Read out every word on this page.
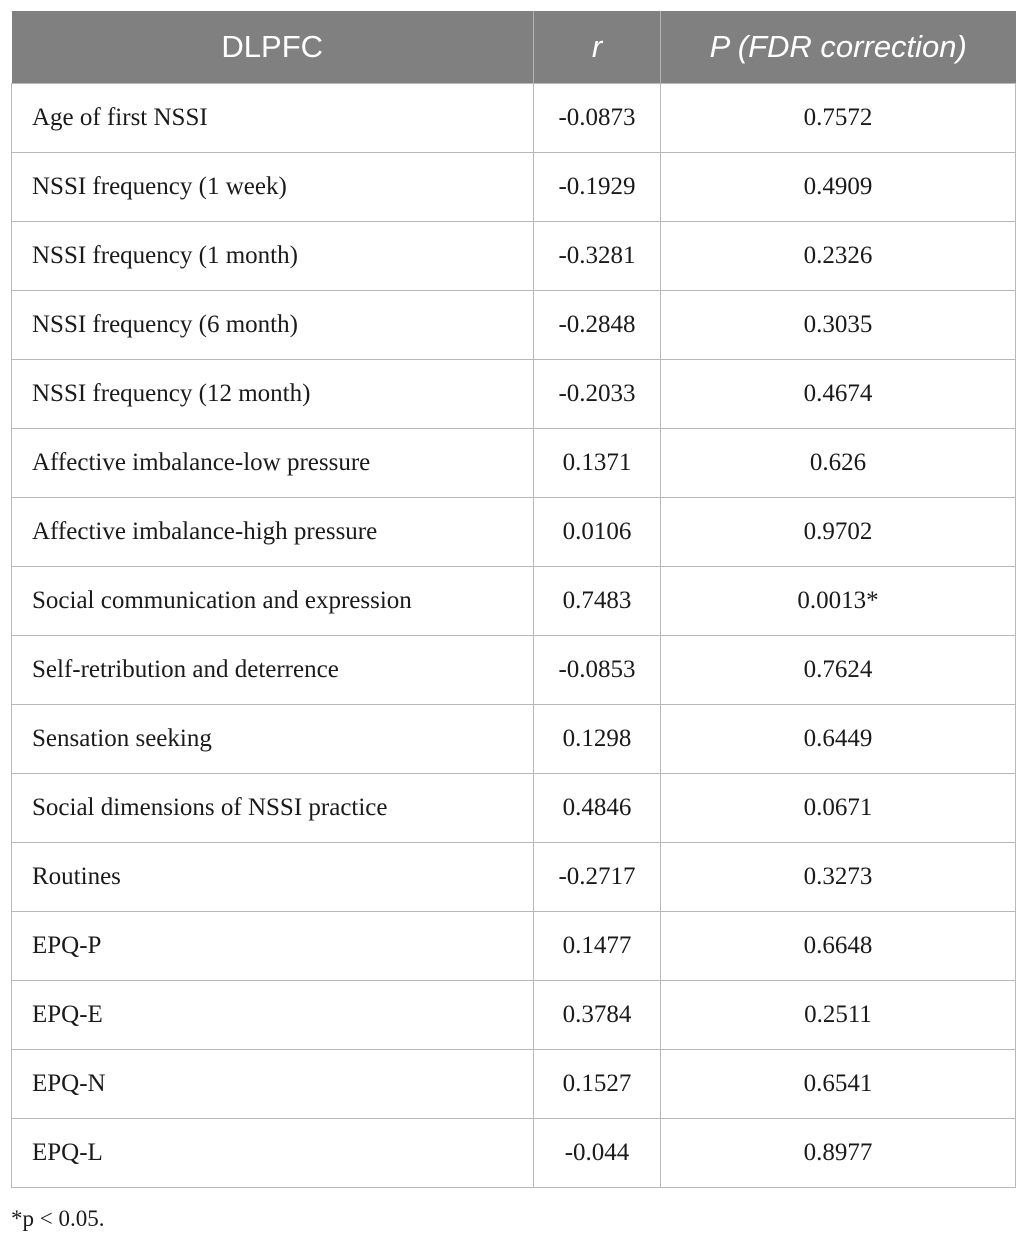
DLPFC	r	P (FDR correction)
Age of first NSSI	-0.0873	0.7572
NSSI frequency (1 week)	-0.1929	0.4909
NSSI frequency (1 month)	-0.3281	0.2326
NSSI frequency (6 month)	-0.2848	0.3035
NSSI frequency (12 month)	-0.2033	0.4674
Affective imbalance-low pressure	0.1371	0.626
Affective imbalance-high pressure	0.0106	0.9702
Social communication and expression	0.7483	0.0013*
Self-retribution and deterrence	-0.0853	0.7624
Sensation seeking	0.1298	0.6449
Social dimensions of NSSI practice	0.4846	0.0671
Routines	-0.2717	0.3273
EPQ-P	0.1477	0.6648
EPQ-E	0.3784	0.2511
EPQ-N	0.1527	0.6541
EPQ-L	-0.044	0.8977
*p < 0.05.
